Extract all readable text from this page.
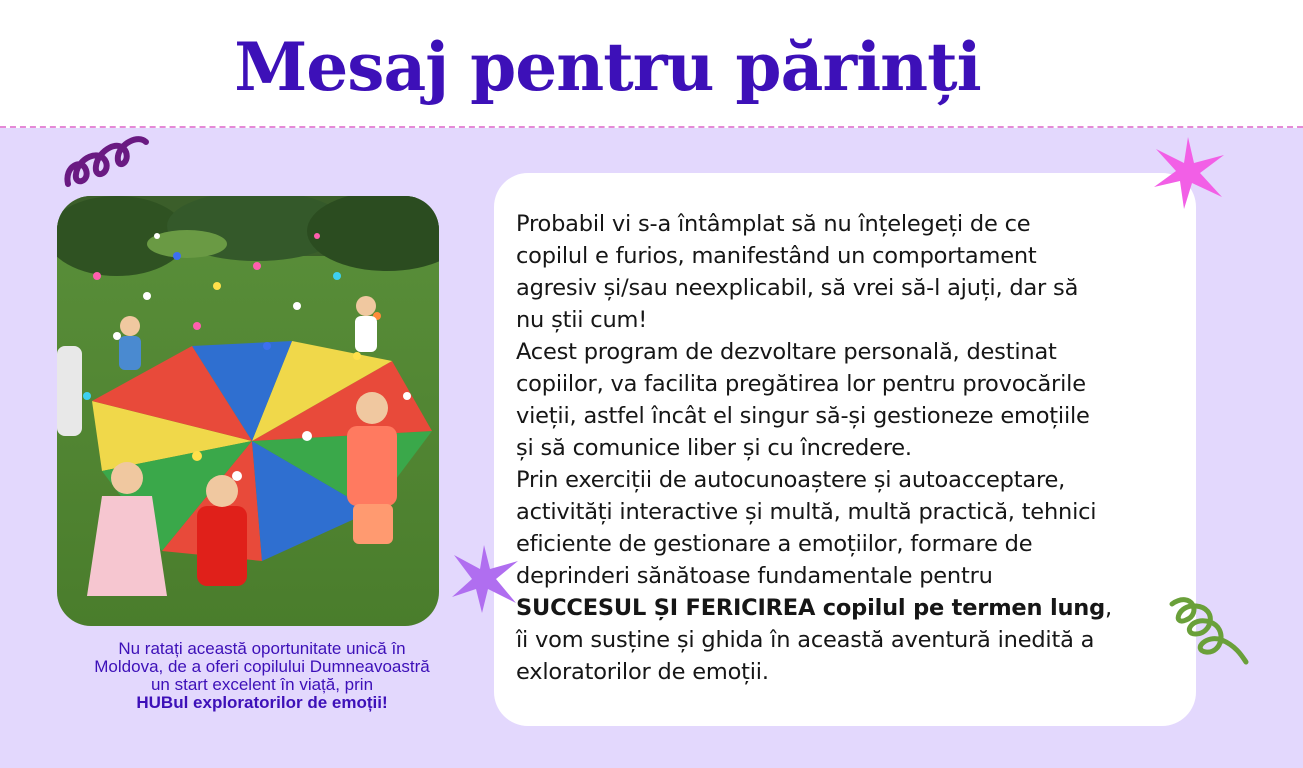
Mesaj pentru părinți
Nu ratați această oportunitate unică în
Moldova, de a oferi copilului Dumneavoastră
un start excelent în viață, prin
HUBul exploratorilor de emoții!
Probabil vi s-a întâmplat să nu înțelegeți de ce
copilul e furios, manifestând un comportament
agresiv și/sau neexplicabil, să vrei să-l ajuți, dar să
nu știi cum!
Acest program de dezvoltare personală, destinat
copiilor, va facilita pregătirea lor pentru provocările
vieții, astfel încât el singur să-și gestioneze emoțiile
și să comunice liber și cu încredere.
Prin exerciții de autocunoaștere și autoacceptare,
activități interactive și multă, multă practică, tehnici
eficiente de gestionare a emoțiilor, formare de
deprinderi sănătoase fundamentale pentru
SUCCESUL ȘI FERICIREA copilul pe termen lung,
îi vom susține și ghida în această aventură inedită a
exloratorilor de emoții.
